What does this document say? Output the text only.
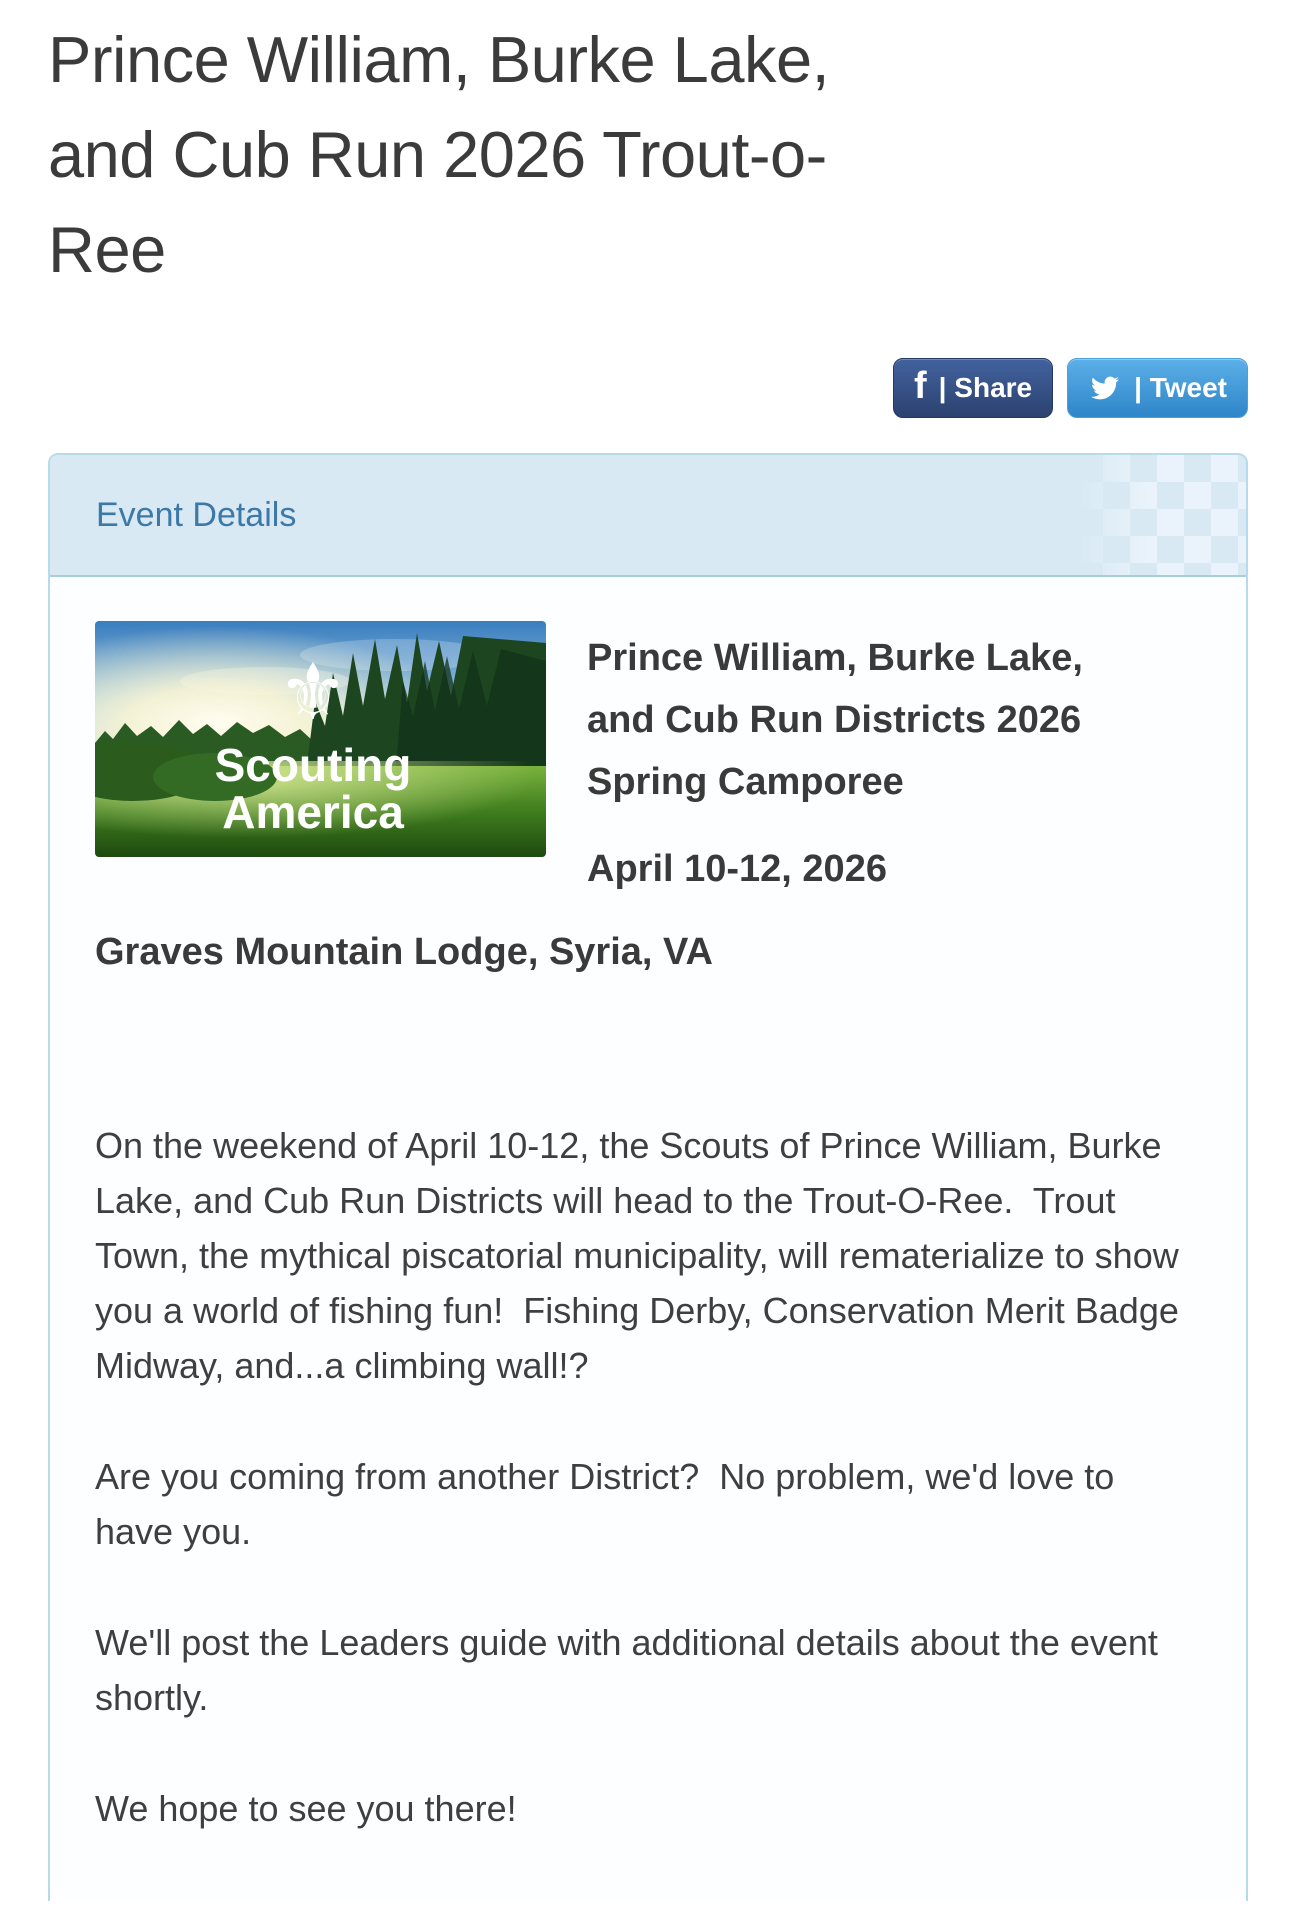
Prince William, Burke Lake,
and Cub Run 2026 Trout-o-
Ree
f | Share	| Tweet
Event Details
⚜
Scouting
America
Prince William, Burke Lake,
and Cub Run Districts 2026
Spring Camporee
April 10-12, 2026
Graves Mountain Lodge, Syria, VA

On the weekend of April 10-12, the Scouts of Prince William, Burke Lake, and Cub Run Districts will head to the Trout-O-Ree.  Trout Town, the mythical piscatorial municipality, will rematerialize to show you a world of fishing fun!  Fishing Derby, Conservation Merit Badge Midway, and...a climbing wall!?

Are you coming from another District?  No problem, we'd love to have you.

We'll post the Leaders guide with additional details about the event shortly.

We hope to see you there!
